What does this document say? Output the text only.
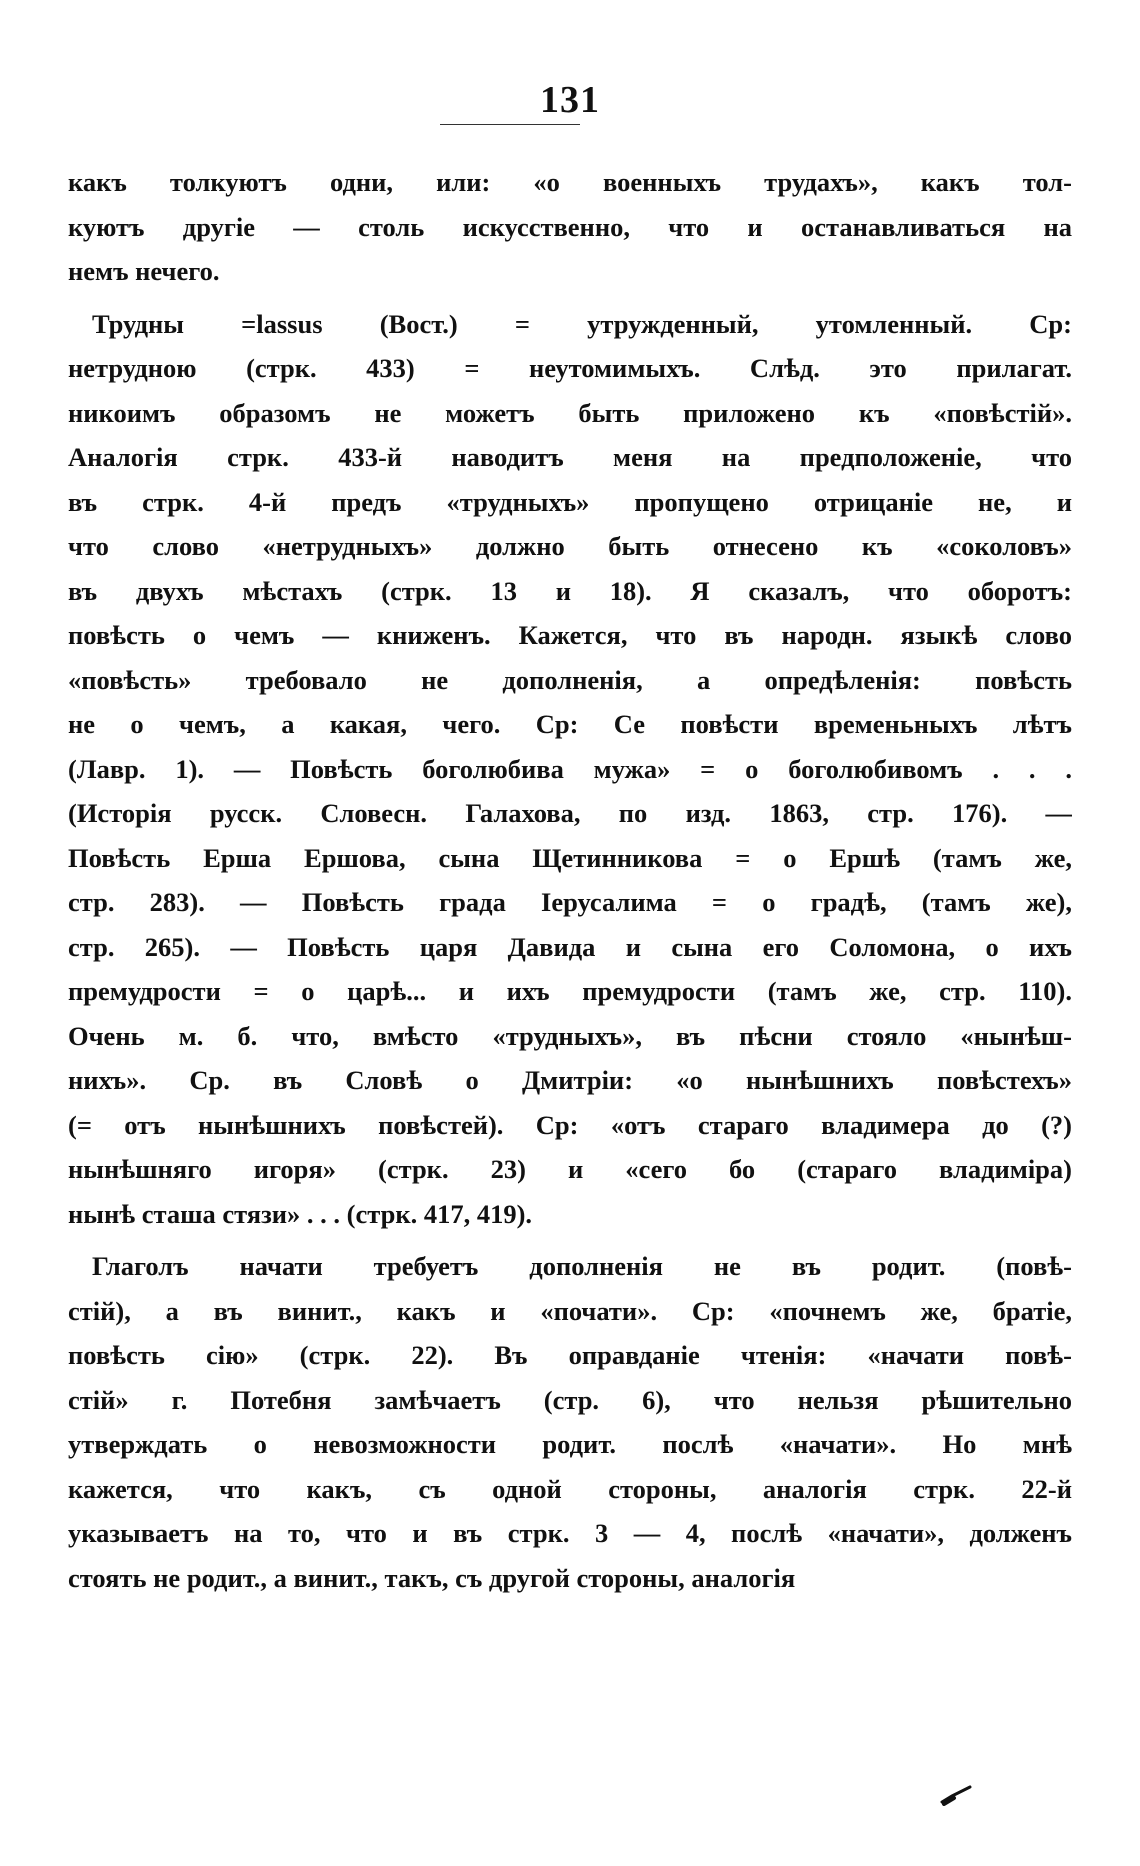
131
какъ толкуютъ одни, или: «о военныхъ трудахъ», какъ тол-
куютъ другіе — столь искусственно, что и останавливаться на
немъ нечего.
Трудны =lassus (Вост.) = утружденный, утомленный. Ср:
нетрудною (стрк. 433) = неутомимыхъ. Слѣд. это прилагат.
никоимъ образомъ не можетъ быть приложено къ «повѣстій».
Аналогія стрк. 433-й наводитъ меня на предположеніе, что
въ стрк. 4-й предъ «трудныхъ» пропущено отрицаніе не, и
что слово «нетрудныхъ» должно быть отнесено къ «соколовъ»
въ двухъ мѣстахъ (стрк. 13 и 18). Я сказалъ, что оборотъ:
повѣсть о чемъ — книженъ. Кажется, что въ народн. языкѣ слово
«повѣсть» требовало не дополненія, а опредѣленія: повѣсть
не о чемъ, а какая, чего. Ср: Се повѣсти временьныхъ лѣтъ
(Лавр. 1). — Повѣсть боголюбива мужа» = о боголюбивомъ . . .
(Исторія русск. Словесн. Галахова, по изд. 1863, стр. 176). —
Повѣсть Ерша Ершова, сына Щетинникова = о Ершѣ (тамъ же,
стр. 283). — Повѣсть града Іерусалима = о градѣ, (тамъ же),
стр. 265). — Повѣсть царя Давида и сына его Соломона, о ихъ
премудрости = о царѣ... и ихъ премудрости (тамъ же, стр. 110).
Очень м. б. что, вмѣсто «трудныхъ», въ пѣсни стояло «нынѣш-
нихъ». Ср. въ Словѣ о Дмитріи: «о нынѣшнихъ повѣстехъ»
(= отъ нынѣшнихъ повѣстей). Ср: «отъ стараго владимера до (?)
нынѣшняго игоря» (стрк. 23) и «сего бо (стараго владиміра)
нынѣ сташа стязи» . . . (стрк. 417, 419).
Глаголъ начати требуетъ дополненія не въ родит. (повѣ-
стій), а въ винит., какъ и «почати». Ср: «почнемъ же, братіе,
повѣсть сію» (стрк. 22). Въ оправданіе чтенія: «начати повѣ-
стій» г. Потебня замѣчаетъ (стр. 6), что нельзя рѣшительно
утверждать о невозможности родит. послѣ «начати». Но мнѣ
кажется, что какъ, съ одной стороны, аналогія стрк. 22-й
указываетъ на то, что и въ стрк. 3 — 4, послѣ «начати», долженъ
стоять не родит., а винит., такъ, съ другой стороны, аналогія
